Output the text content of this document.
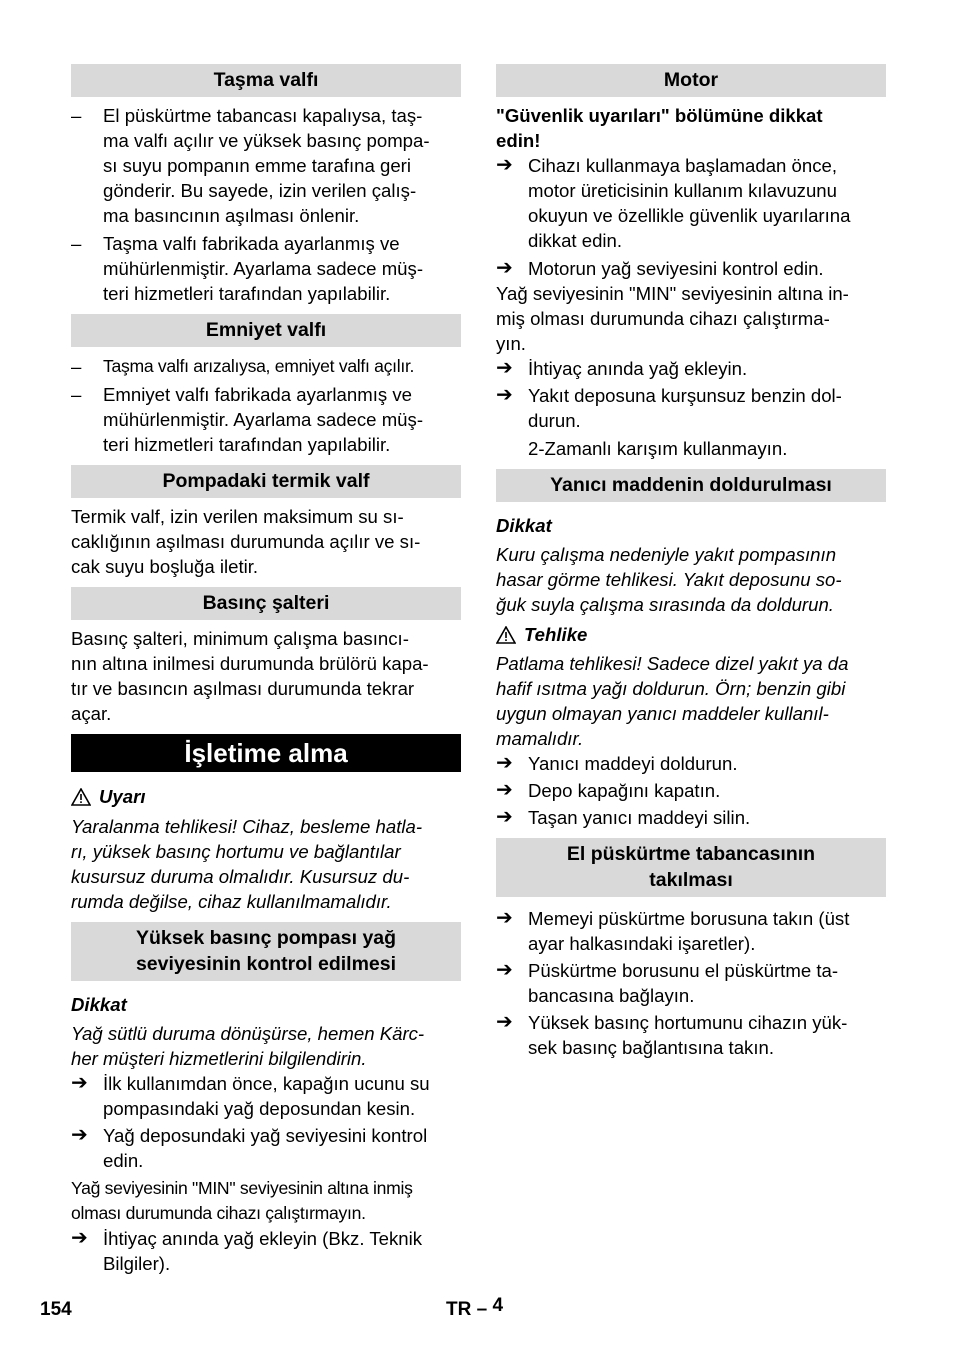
Taşma valfı
–	El püskürtme tabancası kapalıysa, taş-
ma valfı açılır ve yüksek basınç pompa-
sı suyu pompanın emme tarafına geri
gönderir. Bu sayede, izin verilen çalış-
ma basıncının aşılması önlenir.
–	Taşma valfı fabrikada ayarlanmış ve
mühürlenmiştir. Ayarlama sadece müş-
teri hizmetleri tarafından yapılabilir.
Emniyet valfı
–	Taşma valfı arızalıysa, emniyet valfı açılır.
–	Emniyet valfı fabrikada ayarlanmış ve
mühürlenmiştir. Ayarlama sadece müş-
teri hizmetleri tarafından yapılabilir.
Pompadaki termik valf
Termik valf, izin verilen maksimum su sı-
caklığının aşılması durumunda açılır ve sı-
cak suyu boşluğa iletir.
Basınç şalteri
Basınç şalteri, minimum çalışma basıncı-
nın altına inilmesi durumunda brülörü kapa-
tır ve basıncın aşılması durumunda tekrar
açar.
İşletime alma
Uyarı
Yaralanma tehlikesi! Cihaz, besleme hatla-
rı, yüksek basınç hortumu ve bağlantılar
kusursuz duruma olmalıdır. Kusursuz du-
rumda değilse, cihaz kullanılmamalıdır.
Yüksek basınç pompası yağ
seviyesinin kontrol edilmesi
Dikkat
Yağ sütlü duruma dönüşürse, hemen Kärc-
her müşteri hizmetlerini bilgilendirin.
➔ İlk kullanımdan önce, kapağın ucunu su
pompasındaki yağ deposundan kesin.
➔ Yağ deposundaki yağ seviyesini kontrol
edin.
Yağ seviyesinin "MIN" seviyesinin altına inmiş
olması durumunda cihazı çalıştırmayın.
➔ İhtiyaç anında yağ ekleyin (Bkz. Teknik
Bilgiler).
Motor
"Güvenlik uyarıları" bölümüne dikkat
edin!
➔ Cihazı kullanmaya başlamadan önce,
motor üreticisinin kullanım kılavuzunu
okuyun ve özellikle güvenlik uyarılarına
dikkat edin.
➔ Motorun yağ seviyesini kontrol edin.
Yağ seviyesinin "MIN" seviyesinin altına in-
miş olması durumunda cihazı çalıştırma-
yın.
➔ İhtiyaç anında yağ ekleyin.
➔ Yakıt deposuna kurşunsuz benzin dol-
durun.
2-Zamanlı karışım kullanmayın.
Yanıcı maddenin doldurulması
Dikkat
Kuru çalışma nedeniyle yakıt pompasının
hasar görme tehlikesi. Yakıt deposunu so-
ğuk suyla çalışma sırasında da doldurun.
Tehlike
Patlama tehlikesi! Sadece dizel yakıt ya da
hafif ısıtma yağı doldurun. Örn; benzin gibi
uygun olmayan yanıcı maddeler kullanıl-
mamalıdır.
➔ Yanıcı maddeyi doldurun.
➔ Depo kapağını kapatın.
➔ Taşan yanıcı maddeyi silin.
El püskürtme tabancasının
takılması
➔ Memeyi püskürtme borusuna takın (üst
ayar halkasındaki işaretler).
➔ Püskürtme borusunu el püskürtme ta-
bancasına bağlayın.
➔ Yüksek basınç hortumunu cihazın yük-
sek basınç bağlantısına takın.
154	TR – 4
